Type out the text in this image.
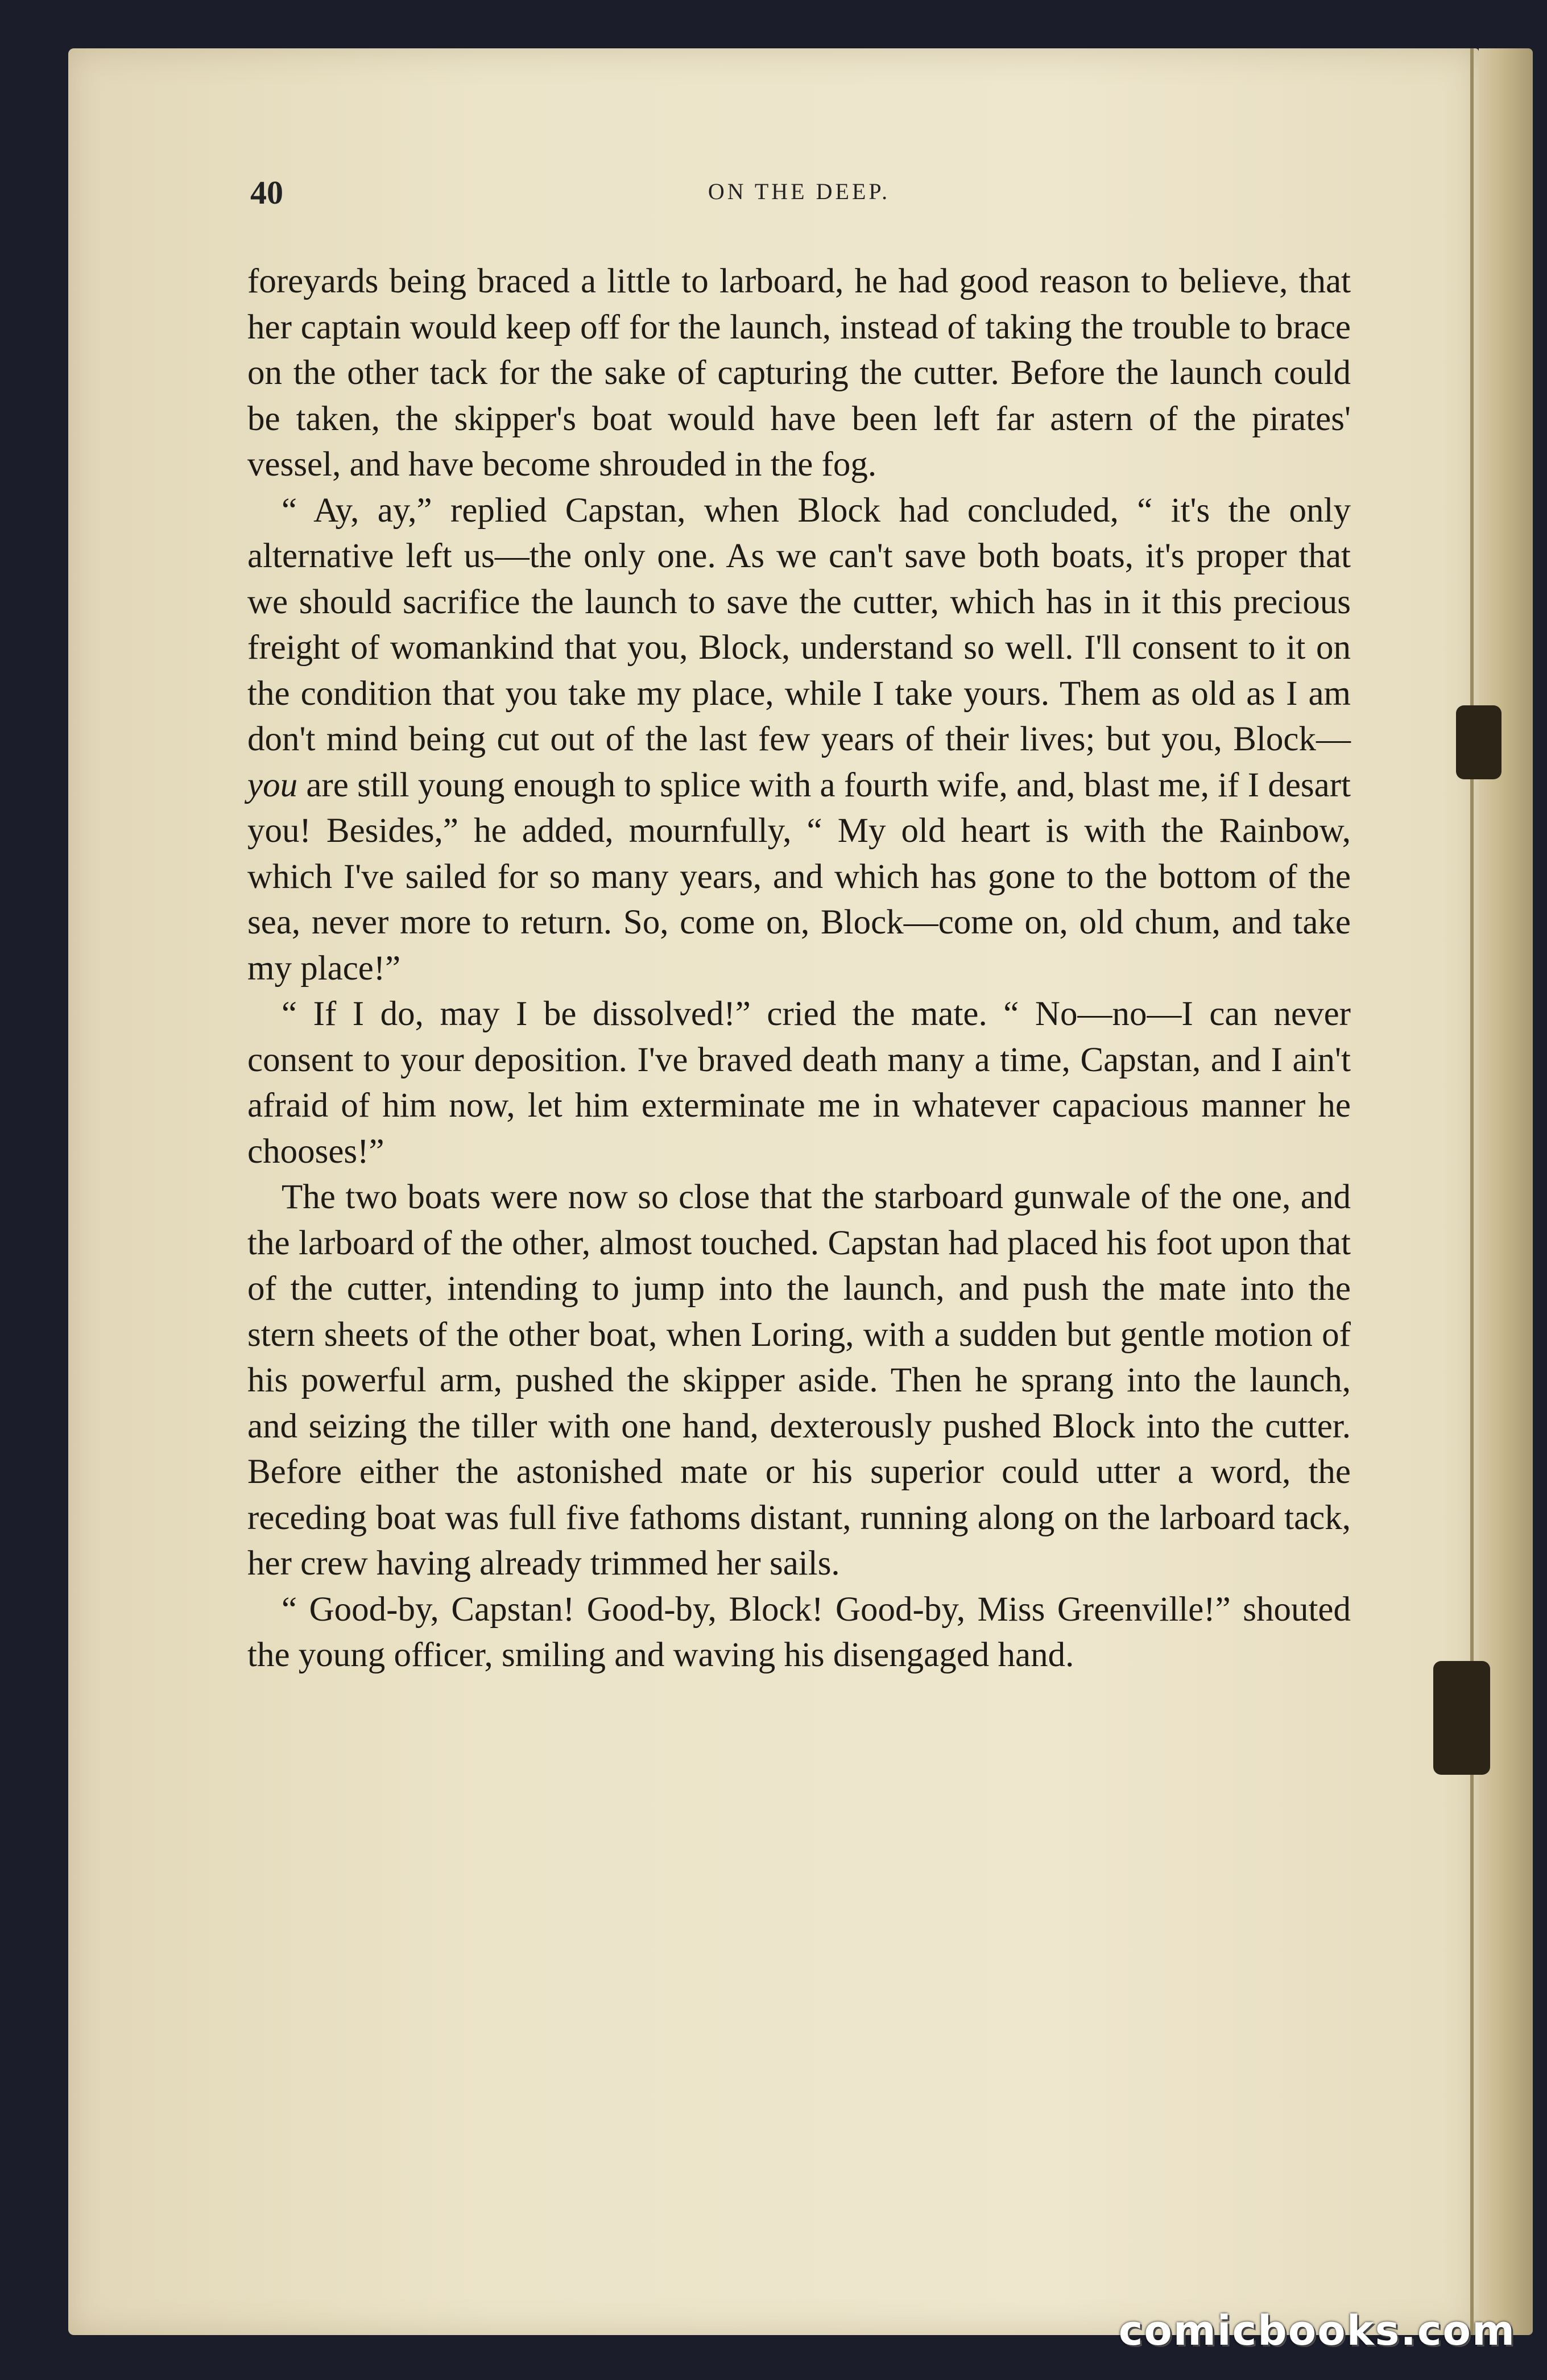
40	ON THE DEEP.

foreyards being braced a little to larboard, he had good reason to believe, that her captain would keep off for the launch, instead of taking the trouble to brace on the other tack for the sake of capturing the cutter. Before the launch could be taken, the skipper's boat would have been left far astern of the pirates' vessel, and have become shrouded in the fog.

“ Ay, ay,” replied Capstan, when Block had concluded, “ it's the only alternative left us—the only one. As we can't save both boats, it's proper that we should sacrifice the launch to save the cutter, which has in it this precious freight of womankind that you, Block, understand so well. I'll consent to it on the condition that you take my place, while I take yours. Them as old as I am don't mind being cut out of the last few years of their lives; but you, Block—you are still young enough to splice with a fourth wife, and, blast me, if I desart you! Besides,” he added, mournfully, “ My old heart is with the Rainbow, which I've sailed for so many years, and which has gone to the bottom of the sea, never more to return. So, come on, Block—come on, old chum, and take my place!”

“ If I do, may I be dissolved!” cried the mate. “ No—no—I can never consent to your deposition. I've braved death many a time, Capstan, and I ain't afraid of him now, let him exterminate me in whatever capacious manner he chooses!”

The two boats were now so close that the starboard gunwale of the one, and the larboard of the other, almost touched. Capstan had placed his foot upon that of the cutter, intending to jump into the launch, and push the mate into the stern sheets of the other boat, when Loring, with a sudden but gentle motion of his powerful arm, pushed the skipper aside. Then he sprang into the launch, and seizing the tiller with one hand, dexterously pushed Block into the cutter. Before either the astonished mate or his superior could utter a word, the receding boat was full five fathoms distant, running along on the larboard tack, her crew having already trimmed her sails.

“ Good-by, Capstan! Good-by, Block! Good-by, Miss Greenville!” shouted the young officer, smiling and waving his disengaged hand.

comicbooks.com
